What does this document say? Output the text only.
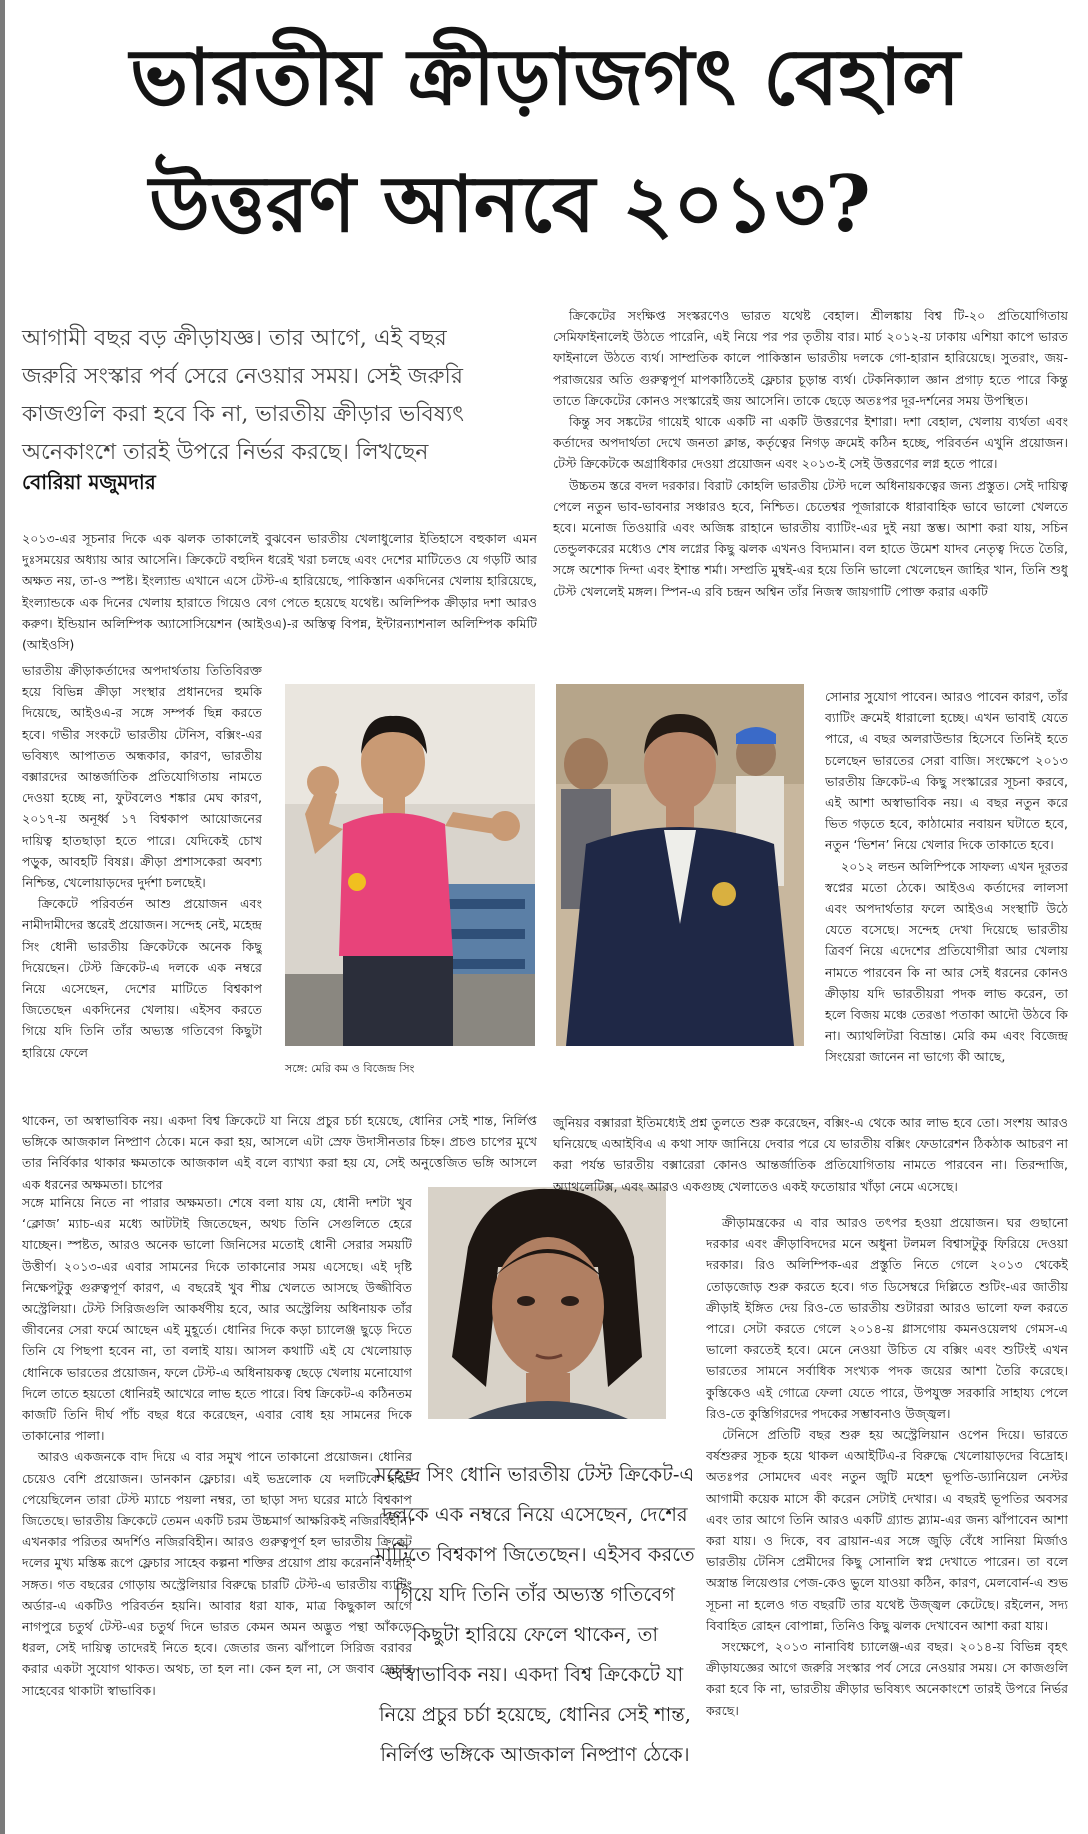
ভারতীয় ক্রীড়াজগৎ বেহাল
উত্তরণ আনবে ২০১৩?
আগামী বছর বড় ক্রীড়াযজ্ঞ। তার আগে, এই বছর জরুরি সংস্কার পর্ব সেরে নেওয়ার সময়। সেই জরুরি কাজগুলি করা হবে কি না, ভারতীয় ক্রীড়ার ভবিষ্যৎ অনেকাংশে তারই উপরে নির্ভর করছে। লিখছেন
বোরিয়া মজুমদার

২০১৩-এর সূচনার দিকে এক ঝলক তাকালেই বুঝবেন ভারতীয় খেলাধুলোর ইতিহাসে বহুকাল এমন দুঃসময়ের অধ্যায় আর আসেনি। ক্রিকেটে বহুদিন ধরেই খরা চলছে এবং দেশের মাটিতেও যে গড়টি আর অক্ষত নয়, তা-ও স্পষ্ট। ইংল্যান্ড এখানে এসে টেস্ট-এ হারিয়েছে, পাকিস্তান একদিনের খেলায় হারিয়েছে, ইংল্যান্ডকে এক দিনের খেলায় হারাতে গিয়েও বেগ পেতে হয়েছে যথেষ্ট। অলিম্পিক ক্রীড়ার দশা আরও করুণ। ইন্ডিয়ান অলিম্পিক অ্যাসোসিয়েশন (আইওএ)-র অস্তিত্ব বিপন্ন, ইন্টারন্যাশনাল অলিম্পিক কমিটি (আইওসি)

ভারতীয় ক্রীড়াকর্তাদের অপদার্থতায় তিতিবিরক্ত হয়ে বিভিন্ন ক্রীড়া সংস্থার প্রধানদের হুমকি দিয়েছে, আইওএ-র সঙ্গে সম্পর্ক ছিন্ন করতে হবে। গভীর সংকটে ভারতীয় টেনিস, বক্সিং-এর ভবিষ্যৎ আপাতত অন্ধকার, কারণ, ভারতীয় বক্সারদের আন্তর্জাতিক প্রতিযোগিতায় নামতে দেওয়া হচ্ছে না, ফুটবলেও শঙ্কার মেঘ কারণ, ২০১৭-য় অনূর্ধ্ব ১৭ বিশ্বকাপ আয়োজনের দায়িত্ব হাতছাড়া হতে পারে। যেদিকেই চোখ পড়ুক, আবহটি বিষণ্ণ। ক্রীড়া প্রশাসকেরা অবশ্য নিশ্চিন্ত, খেলোয়াড়দের দুর্দশা চলছেই।

ক্রিকেটে পরিবর্তন আশু প্রয়োজন এবং নামীদামীদের স্তরেই প্রয়োজন। সন্দেহ নেই, মহেন্দ্র সিং ধোনী ভারতীয় ক্রিকেটকে অনেক কিছু দিয়েছেন। টেস্ট ক্রিকেট-এ দলকে এক নম্বরে নিয়ে এসেছেন, দেশের মাটিতে বিশ্বকাপ জিতেছেন একদিনের খেলায়। এইসব করতে গিয়ে যদি তিনি তাঁর অভ্যস্ত গতিবেগ কিছুটা হারিয়ে ফেলে

সঙ্গে: মেরি কম ও বিজেন্দ্র সিং

থাকেন, তা অস্বাভাবিক নয়। একদা বিশ্ব ক্রিকেটে যা নিয়ে প্রচুর চর্চা হয়েছে, ধোনির সেই শান্ত, নির্লিপ্ত ভঙ্গিকে আজকাল নিষ্প্রাণ ঠেকে। মনে করা হয়, আসলে এটা স্রেফ উদাসীনতার চিহ্ন। প্রচণ্ড চাপের মুখে তার নির্বিকার থাকার ক্ষমতাকে আজকাল এই বলে ব্যাখ্যা করা হয় যে, সেই অনুত্তেজিত ভঙ্গি আসলে এক ধরনের অক্ষমতা। চাপের

সঙ্গে মানিয়ে নিতে না পারার অক্ষমতা। শেষে বলা যায় যে, ধোনী দশটা খুব ‘ক্লোজ’ ম্যাচ-এর মধ্যে আটটাই জিতেছেন, অথচ তিনি সেগুলিতে হেরে যাচ্ছেন। স্পষ্টত, আরও অনেক ভালো জিনিসের মতোই ধোনী সেরার সময়টি উত্তীর্ণ। ২০১৩-এর এবার সামনের দিকে তাকানোর সময় এসেছে। এই দৃষ্টি নিক্ষেপটুকু গুরুত্বপূর্ণ কারণ, এ বছরেই খুব শীঘ্র খেলতে আসছে উজ্জীবিত অস্ট্রেলিয়া। টেস্ট সিরিজগুলি আকর্ষণীয় হবে, আর অস্ট্রেলিয় অধিনায়ক তাঁর জীবনের সেরা ফর্মে আছেন এই মুহূর্তে। ধোনির দিকে কড়া চ্যালেঞ্জ ছুড়ে দিতে তিনি যে পিছপা হবেন না, তা বলাই যায়। আসল কথাটি এই যে খেলোয়াড় ধোনিকে ভারতের প্রয়োজন, ফলে টেস্ট-এ অধিনায়কত্ব ছেড়ে খেলায় মনোযোগ দিলে তাতে হয়তো ধোনিরই আখেরে লাভ হতে পারে। বিশ্ব ক্রিকেট-এ কঠিনতম কাজটি তিনি দীর্ঘ পাঁচ বছর ধরে করেছেন, এবার বোধ হয় সামনের দিকে তাকানোর পালা।

আরও একজনকে বাদ দিয়ে এ বার সমুখ পানে তাকানো প্রয়োজন। ধোনির চেয়েও বেশি প্রয়োজন। ডানকান ফ্লেচার। এই ভদ্রলোক যে দলটিকে হাতে পেয়েছিলেন তারা টেস্ট ম্যাচে পয়লা নম্বর, তা ছাড়া সদ্য ঘরের মাঠে বিশ্বকাপ জিতেছে। ভারতীয় ক্রিকেটে তেমন একটি চরম উচ্চমার্গ আক্ষরিকই নজিরবিহীন। এখনকার পরিতর অদর্শিও নজিরবিহীন। আরও গুরুত্বপূর্ণ হল ভারতীয় ক্রিকেট দলের মুখ্য মস্তিষ্ক রূপে ফ্লেচার সাহেব কল্পনা শক্তির প্রয়োগ প্রায় করেননি বলাই সঙ্গত। গত বছরের গোড়ায় অস্ট্রেলিয়ার বিরুদ্ধে চারটি টেস্ট-এ ভারতীয় ব্যাটিং অর্ডার-এ একটিও পরিবর্তন হয়নি। আবার ধরা যাক, মাত্র কিছুকাল আগে নাগপুরে চতুর্থ টেস্ট-এর চতুর্থ দিনে ভারত কেমন অমন অদ্ভুত পন্থা আঁকড়ে ধরল, সেই দায়িত্ব তাদেরই নিতে হবে। জেতার জন্য ঝাঁপালে সিরিজ বরাবর করার একটা সুযোগ থাকত। অথচ, তা হল না। কেন হল না, সে জবাব ফ্লেচার সাহেবের থাকাটা স্বাভাবিক।

মহেন্দ্র সিং ধোনি ভারতীয় টেস্ট ক্রিকেট-এ দলকে এক নম্বরে নিয়ে এসেছেন, দেশের মাটিতে বিশ্বকাপ জিতেছেন। এইসব করতে গিয়ে যদি তিনি তাঁর অভ্যস্ত গতিবেগ কিছুটা হারিয়ে ফেলে থাকেন, তা অস্বাভাবিক নয়। একদা বিশ্ব ক্রিকেটে যা নিয়ে প্রচুর চর্চা হয়েছে, ধোনির সেই শান্ত, নির্লিপ্ত ভঙ্গিকে আজকাল নিষ্প্রাণ ঠেকে।

ক্রিকেটের সংক্ষিপ্ত সংস্করণেও ভারত যথেষ্ট বেহাল। শ্রীলঙ্কায় বিশ্ব টি-২০ প্রতিযোগিতায় সেমিফাইনালেই উঠতে পারেনি, এই নিয়ে পর পর তৃতীয় বার। মার্চ ২০১২-য় ঢাকায় এশিয়া কাপে ভারত ফাইনালে উঠতে ব্যর্থ। সাম্প্রতিক কালে পাকিস্তান ভারতীয় দলকে গো-হারান হারিয়েছে। সুতরাং, জয়-পরাজয়ের অতি গুরুত্বপূর্ণ মাপকাঠিতেই ফ্লেচার চূড়ান্ত ব্যর্থ। টেকনিক্যাল জ্ঞান প্রগাঢ় হতে পারে কিন্তু তাতে ক্রিকেটের কোনও সংস্কারেই জয় আসেনি। তাকে ছেড়ে অতঃপর দূর-দর্শনের সময় উপস্থিত।

কিন্তু সব সঙ্কটের গায়েই থাকে একটি না একটি উত্তরণের ইশারা। দশা বেহাল, খেলায় ব্যর্থতা এবং কর্তাদের অপদার্থতা দেখে জনতা ক্লান্ত, কর্তৃত্বের নিগড় ক্রমেই কঠিন হচ্ছে, পরিবর্তন এখুনি প্রয়োজন। টেস্ট ক্রিকেটকে অগ্রাধিকার দেওয়া প্রয়োজন এবং ২০১৩-ই সেই উত্তরণের লগ্ন হতে পারে।

উচ্চতম স্তরে বদল দরকার। বিরাট কোহলি ভারতীয় টেস্ট দলে অধিনায়কত্বের জন্য প্রস্তুত। সেই দায়িত্ব পেলে নতুন ভাব-ভাবনার সঞ্চারও হবে, নিশ্চিত। চেতেশ্বর পূজারাকে ধারাবাহিক ভাবে ভালো খেলতে হবে। মনোজ তিওয়ারি এবং অজিঙ্ক রাহানে ভারতীয় ব্যাটিং-এর দুই নয়া স্তম্ভ। আশা করা যায়, সচিন তেন্ডুলকরের মধ্যেও শেষ লগ্নের কিছু ঝলক এখনও বিদ্যমান। বল হাতে উমেশ যাদব নেতৃত্ব দিতে তৈরি, সঙ্গে অশোক দিন্দা এবং ইশান্ত শর্মা। সম্প্রতি মুম্বই-এর হয়ে তিনি ভালো খেলেছেন জাহির খান, তিনি শুধু টেস্ট খেললেই মঙ্গল। স্পিন-এ রবি চন্দ্রন অশ্বিন তাঁর নিজস্ব জায়গাটি পোক্ত করার একটি

সোনার সুযোগ পাবেন। আরও পাবেন কারণ, তাঁর ব্যাটিং ক্রমেই ধারালো হচ্ছে। এখন ভাবাই যেতে পারে, এ বছর অলরাউন্ডার হিসেবে তিনিই হতে চলেছেন ভারতের সেরা বাজি। সংক্ষেপে ২০১৩ ভারতীয় ক্রিকেট-এ কিছু সংস্কারের সূচনা করবে, এই আশা অস্বাভাবিক নয়। এ বছর নতুন করে ভিত গড়তে হবে, কাঠামোর নবায়ন ঘটাতে হবে, নতুন ‘ভিশন’ নিয়ে খেলার দিকে তাকাতে হবে।

২০১২ লন্ডন অলিম্পিকে সাফল্য এখন দূরতর স্বপ্নের মতো ঠেকে। আইওএ কর্তাদের লালসা এবং অপদার্থতার ফলে আইওএ সংস্থাটি উঠে যেতে বসেছে। সন্দেহ দেখা দিয়েছে ভারতীয় ত্রিবর্ণ নিয়ে এদেশের প্রতিযোগীরা আর খেলায় নামতে পারবেন কি না আর সেই ধরনের কোনও ক্রীড়ায় যদি ভারতীয়রা পদক লাভ করেন, তা হলে বিজয় মঞ্চে তেরঙা পতাকা আদৌ উঠবে কি না। অ্যাথলিটরা বিভ্রান্ত। মেরি কম এবং বিজেন্দ্র সিংয়েরা জানেন না ভাগ্যে কী আছে,

জুনিয়র বক্সাররা ইতিমধ্যেই প্রশ্ন তুলতে শুরু করেছেন, বক্সিং-এ থেকে আর লাভ হবে তো। সংশয় আরও ঘনিয়েছে এআইবিএ এ কথা সাফ জানিয়ে দেবার পরে যে ভারতীয় বক্সিং ফেডারেশন ঠিকঠাক আচরণ না করা পর্যন্ত ভারতীয় বক্সারেরা কোনও আন্তর্জাতিক প্রতিযোগিতায় নামতে পারবেন না। তিরন্দাজি, অ্যাথলেটিক্স, এবং আরও একগুচ্ছ খেলাতেও একই ফতোয়ার খাঁড়া নেমে এসেছে।

ক্রীড়ামন্ত্রকের এ বার আরও তৎপর হওয়া প্রয়োজন। ঘর গুছানো দরকার এবং ক্রীড়াবিদদের মনে অধুনা টলমল বিশ্বাসটুকু ফিরিয়ে দেওয়া দরকার। রিও অলিম্পিক-এর প্রস্তুতি নিতে গেলে ২০১৩ থেকেই তোড়জোড় শুরু করতে হবে। গত ডিসেম্বরে দিল্লিতে শুটিং-এর জাতীয় ক্রীড়াই ইঙ্গিত দেয় রিও-তে ভারতীয় শুটাররা আরও ভালো ফল করতে পারে। সেটা করতে গেলে ২০১৪-য় গ্লাসগোয় কমনওয়েলথ গেমস-এ ভালো করতেই হবে। মেনে নেওয়া উচিত যে বক্সিং এবং শুটিংই এখন ভারতের সামনে সর্বাধিক সংখ্যক পদক জয়ের আশা তৈরি করেছে। কুস্তিকেও এই গোত্রে ফেলা যেতে পারে, উপযুক্ত সরকারি সাহায্য পেলে রিও-তে কুস্তিগিরদের পদকের সম্ভাবনাও উজ্জ্বল।

টেনিসে প্রতিটি বছর শুরু হয় অস্ট্রেলিয়ান ওপেন দিয়ে। ভারতে বর্ষশুরুর সূচক হয়ে থাকল এআইটিএ-র বিরুদ্ধে খেলোয়াড়দের বিদ্রোহ। অতঃপর সোমদেব এবং নতুন জুটি মহেশ ভূপতি-ড্যানিয়েল নেস্টর আগামী কয়েক মাসে কী করেন সেটাই দেখার। এ বছরই ভূপতির অবসর এবং তার আগে তিনি আরও একটি গ্র্যান্ড স্ল্যাম-এর জন্য ঝাঁপাবেন আশা করা যায়। ও দিকে, বব ব্রায়ান-এর সঙ্গে জুড়ি বেঁধে সানিয়া মির্জাও ভারতীয় টেনিস প্রেমীদের কিছু সোনালি স্বপ্ন দেখাতে পারেন। তা বলে অস্ত্রান্ত লিয়েণ্ডার পেজ-কেও ভুলে যাওয়া কঠিন, কারণ, মেলবোর্ন-এ শুভ সূচনা না হলেও গত বছরটি তার যথেষ্ট উজ্জ্বল কেটেছে। রইলেন, সদ্য বিবাহিত রোহন বোপান্না, তিনিও কিছু ঝলক দেখাবেন আশা করা যায়।

সংক্ষেপে, ২০১৩ নানাবিধ চ্যালেঞ্জ-এর বছর। ২০১৪-য় বিভিন্ন বৃহৎ ক্রীড়াযজ্ঞের আগে জরুরি সংস্কার পর্ব সেরে নেওয়ার সময়। সে কাজগুলি করা হবে কি না, ভারতীয় ক্রীড়ার ভবিষ্যৎ অনেকাংশে তারই উপরে নির্ভর করছে।
